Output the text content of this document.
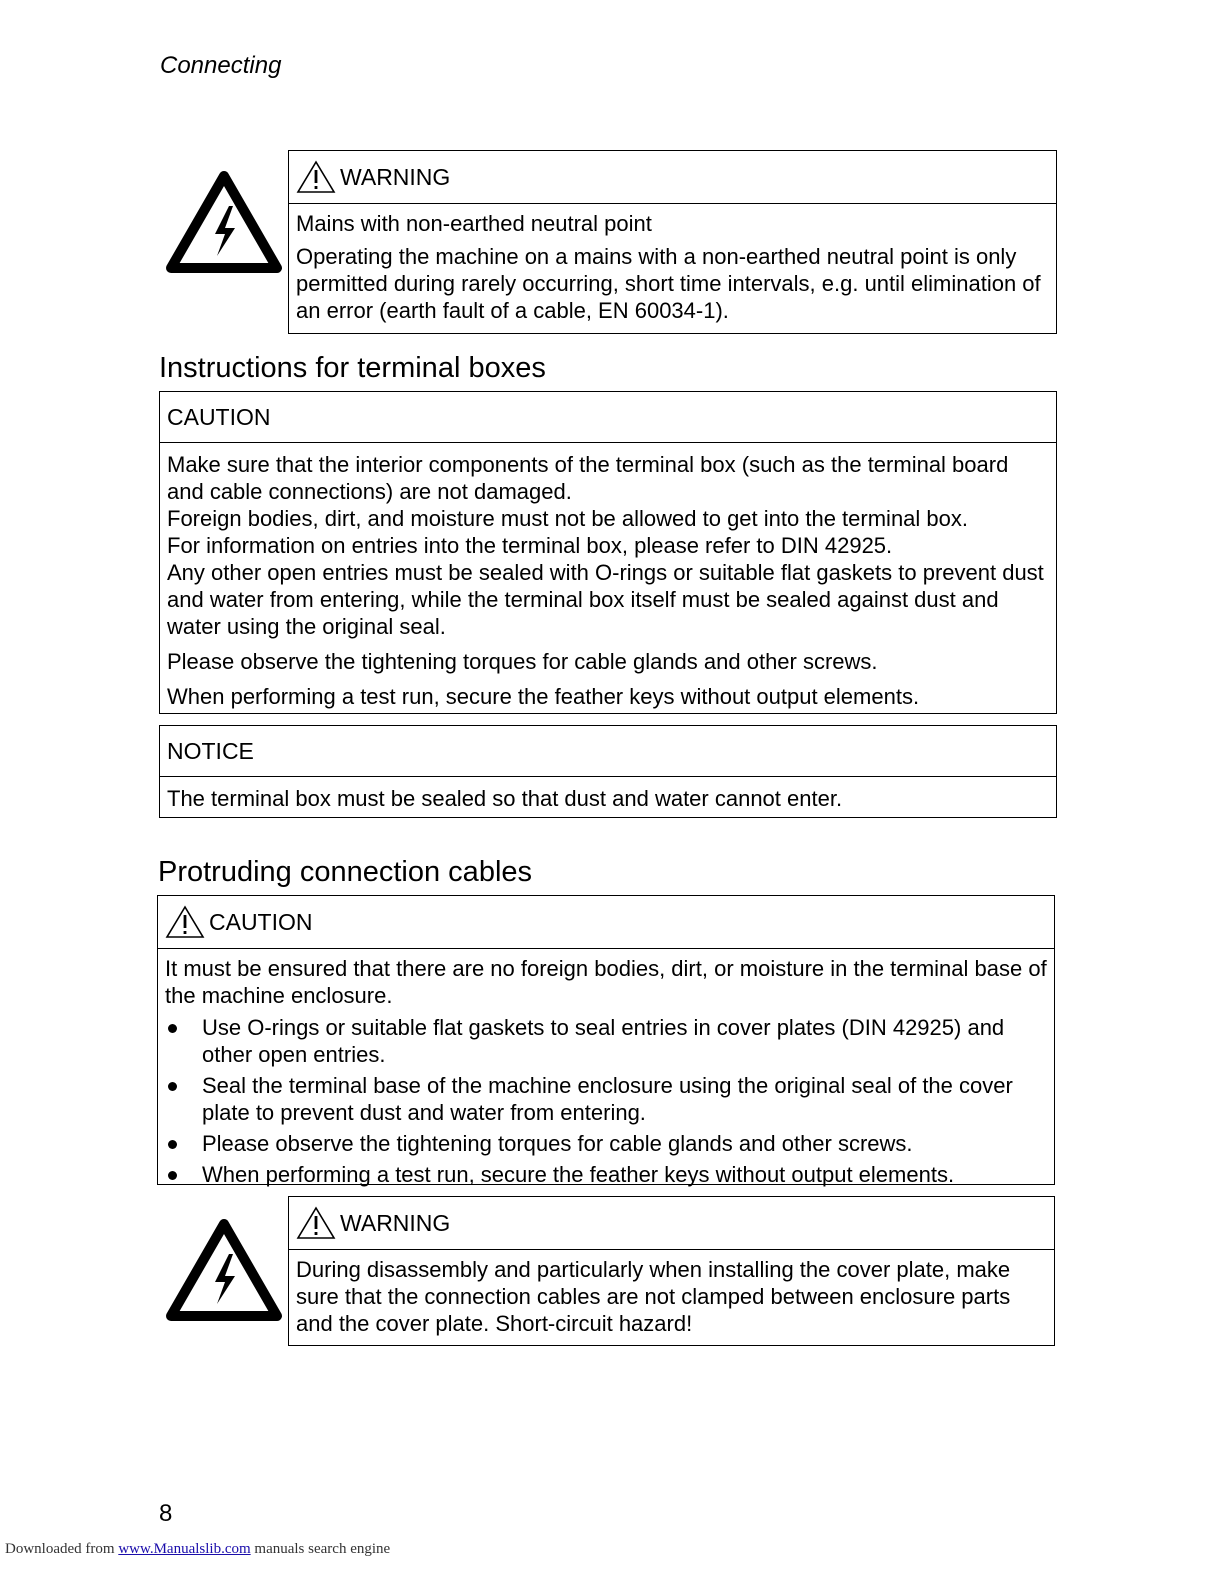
Connecting
WARNING

Mains with non-earthed neutral point

Operating the machine on a mains with a non-earthed neutral point is only permitted during rarely occurring, short time intervals, e.g. until elimination of an error (earth fault of a cable, EN 60034-1).

Instructions for terminal boxes
CAUTION
Make sure that the interior components of the terminal box (such as the terminal board and cable connections) are not damaged.
Foreign bodies, dirt, and moisture must not be allowed to get into the terminal box.
For information on entries into the terminal box, please refer to DIN 42925.
Any other open entries must be sealed with O-rings or suitable flat gaskets to prevent dust and water from entering, while the terminal box itself must be sealed against dust and water using the original seal.
Please observe the tightening torques for cable glands and other screws.
When performing a test run, secure the feather keys without output elements.
NOTICE
The terminal box must be sealed so that dust and water cannot enter.
Protruding connection cables
CAUTION
It must be ensured that there are no foreign bodies, dirt, or moisture in the terminal base of the machine enclosure.
Use O-rings or suitable flat gaskets to seal entries in cover plates (DIN 42925) and other open entries.
Seal the terminal base of the machine enclosure using the original seal of the cover plate to prevent dust and water from entering.
Please observe the tightening torques for cable glands and other screws.
When performing a test run, secure the feather keys without output elements.
WARNING
During disassembly and particularly when installing the cover plate, make sure that the connection cables are not clamped between enclosure parts and the cover plate. Short-circuit hazard!
8
Downloaded from www.Manualslib.com manuals search engine
